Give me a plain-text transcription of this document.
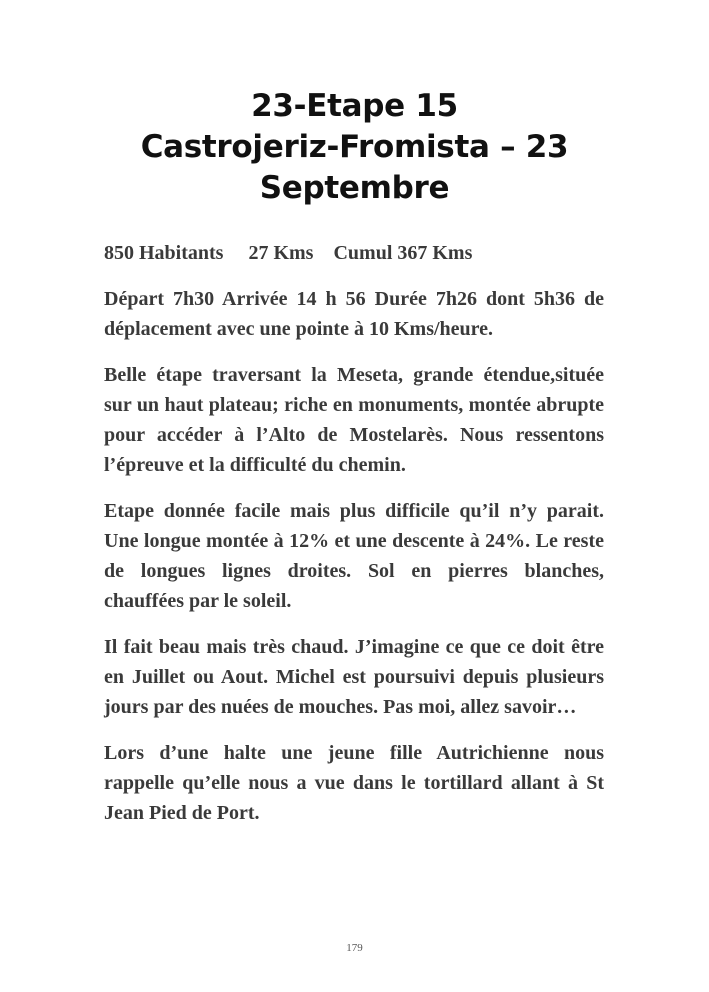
23-Etape 15
Castrojeriz-Fromista – 23
Septembre

850 Habitants     27 Kms    Cumul 367 Kms

Départ 7h30 Arrivée 14 h 56 Durée 7h26 dont 5h36 de déplacement avec une pointe à 10 Kms/heure.

Belle étape traversant la Meseta, grande étendue,située sur un haut plateau; riche en monuments, montée abrupte pour accéder à l’Alto de Mostelarès. Nous ressentons l’épreuve et la difficulté du chemin.

Etape donnée facile mais plus difficile qu’il n’y parait. Une longue montée à 12% et une descente à 24%. Le reste de longues lignes droites. Sol en pierres blanches, chauffées par le soleil.

Il fait beau mais très chaud. J’imagine ce que ce doit être en Juillet ou Aout. Michel est poursuivi depuis plusieurs jours par des nuées de mouches. Pas moi, allez savoir…

Lors d’une halte une jeune fille Autrichienne nous rappelle qu’elle nous a vue dans le tortillard allant à St Jean Pied de Port.

179
